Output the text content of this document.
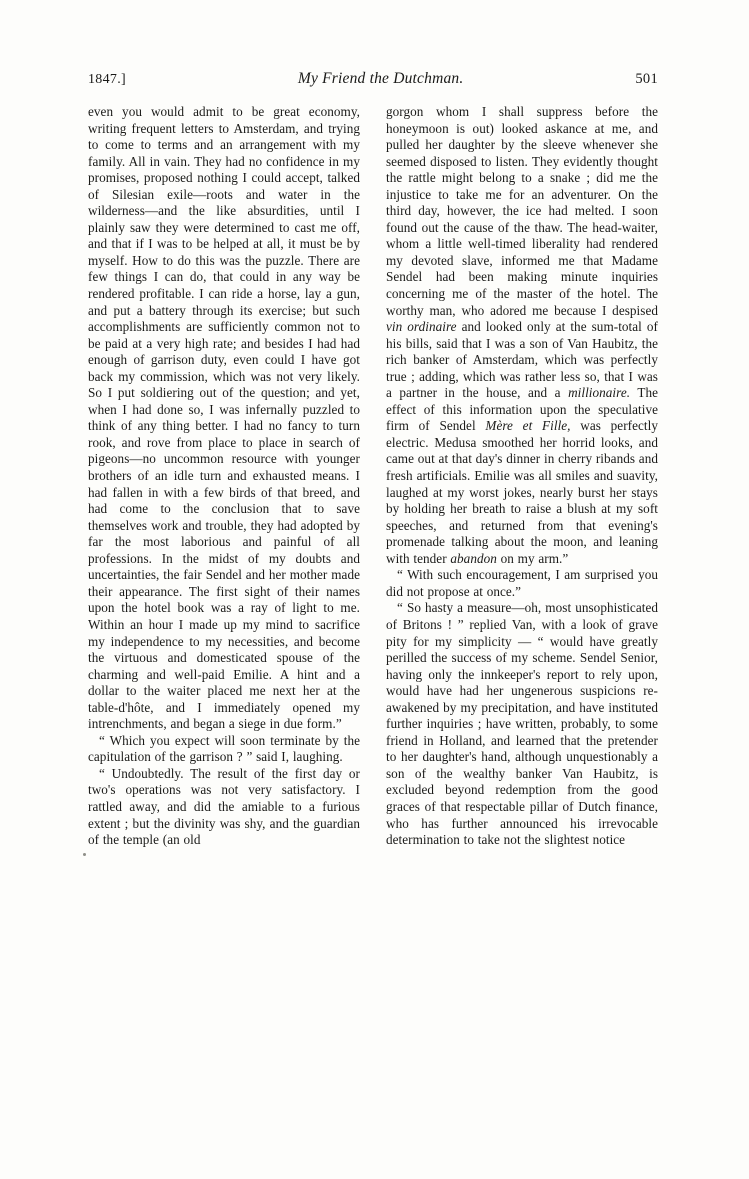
1847.]	My Friend the Dutchman.	501

even you would admit to be great economy, writing frequent letters to Amsterdam, and trying to come to terms and an arrangement with my family. All in vain. They had no confidence in my promises, proposed nothing I could accept, talked of Silesian exile—roots and water in the wilderness—and the like absurdities, until I plainly saw they were determined to cast me off, and that if I was to be helped at all, it must be by myself. How to do this was the puzzle. There are few things I can do, that could in any way be rendered profitable. I can ride a horse, lay a gun, and put a battery through its exercise; but such accomplishments are sufficiently common not to be paid at a very high rate; and besides I had had enough of garrison duty, even could I have got back my commission, which was not very likely. So I put soldiering out of the question; and yet, when I had done so, I was infernally puzzled to think of any thing better. I had no fancy to turn rook, and rove from place to place in search of pigeons—no uncommon resource with younger brothers of an idle turn and exhausted means. I had fallen in with a few birds of that breed, and had come to the conclusion that to save themselves work and trouble, they had adopted by far the most laborious and painful of all professions. In the midst of my doubts and uncertainties, the fair Sendel and her mother made their appearance. The first sight of their names upon the hotel book was a ray of light to me. Within an hour I made up my mind to sacrifice my independence to my necessities, and become the virtuous and domesticated spouse of the charming and well-paid Emilie. A hint and a dollar to the waiter placed me next her at the table-d'hôte, and I immediately opened my intrenchments, and began a siege in due form.”

“ Which you expect will soon terminate by the capitulation of the garrison ? ” said I, laughing.

“ Undoubtedly. The result of the first day or two's operations was not very satisfactory. I rattled away, and did the amiable to a furious extent ; but the divinity was shy, and the guardian of the temple (an old

gorgon whom I shall suppress before the honeymoon is out) looked askance at me, and pulled her daughter by the sleeve whenever she seemed disposed to listen. They evidently thought the rattle might belong to a snake ; did me the injustice to take me for an adventurer. On the third day, however, the ice had melted. I soon found out the cause of the thaw. The head-waiter, whom a little well-timed liberality had rendered my devoted slave, informed me that Madame Sendel had been making minute inquiries concerning me of the master of the hotel. The worthy man, who adored me because I despised vin ordinaire and looked only at the sum-total of his bills, said that I was a son of Van Haubitz, the rich banker of Amsterdam, which was perfectly true ; adding, which was rather less so, that I was a partner in the house, and a millionaire. The effect of this information upon the speculative firm of Sendel Mère et Fille, was perfectly electric. Medusa smoothed her horrid looks, and came out at that day's dinner in cherry ribands and fresh artificials. Emilie was all smiles and suavity, laughed at my worst jokes, nearly burst her stays by holding her breath to raise a blush at my soft speeches, and returned from that evening's promenade talking about the moon, and leaning with tender abandon on my arm.”

“ With such encouragement, I am surprised you did not propose at once.”

“ So hasty a measure—oh, most unsophisticated of Britons ! ” replied Van, with a look of grave pity for my simplicity — “ would have greatly perilled the success of my scheme. Sendel Senior, having only the innkeeper's report to rely upon, would have had her ungenerous suspicions re-awakened by my precipitation, and have instituted further inquiries ; have written, probably, to some friend in Holland, and learned that the pretender to her daughter's hand, although unquestionably a son of the wealthy banker Van Haubitz, is excluded beyond redemption from the good graces of that respectable pillar of Dutch finance, who has further announced his irrevocable determination to take not the slightest notice
